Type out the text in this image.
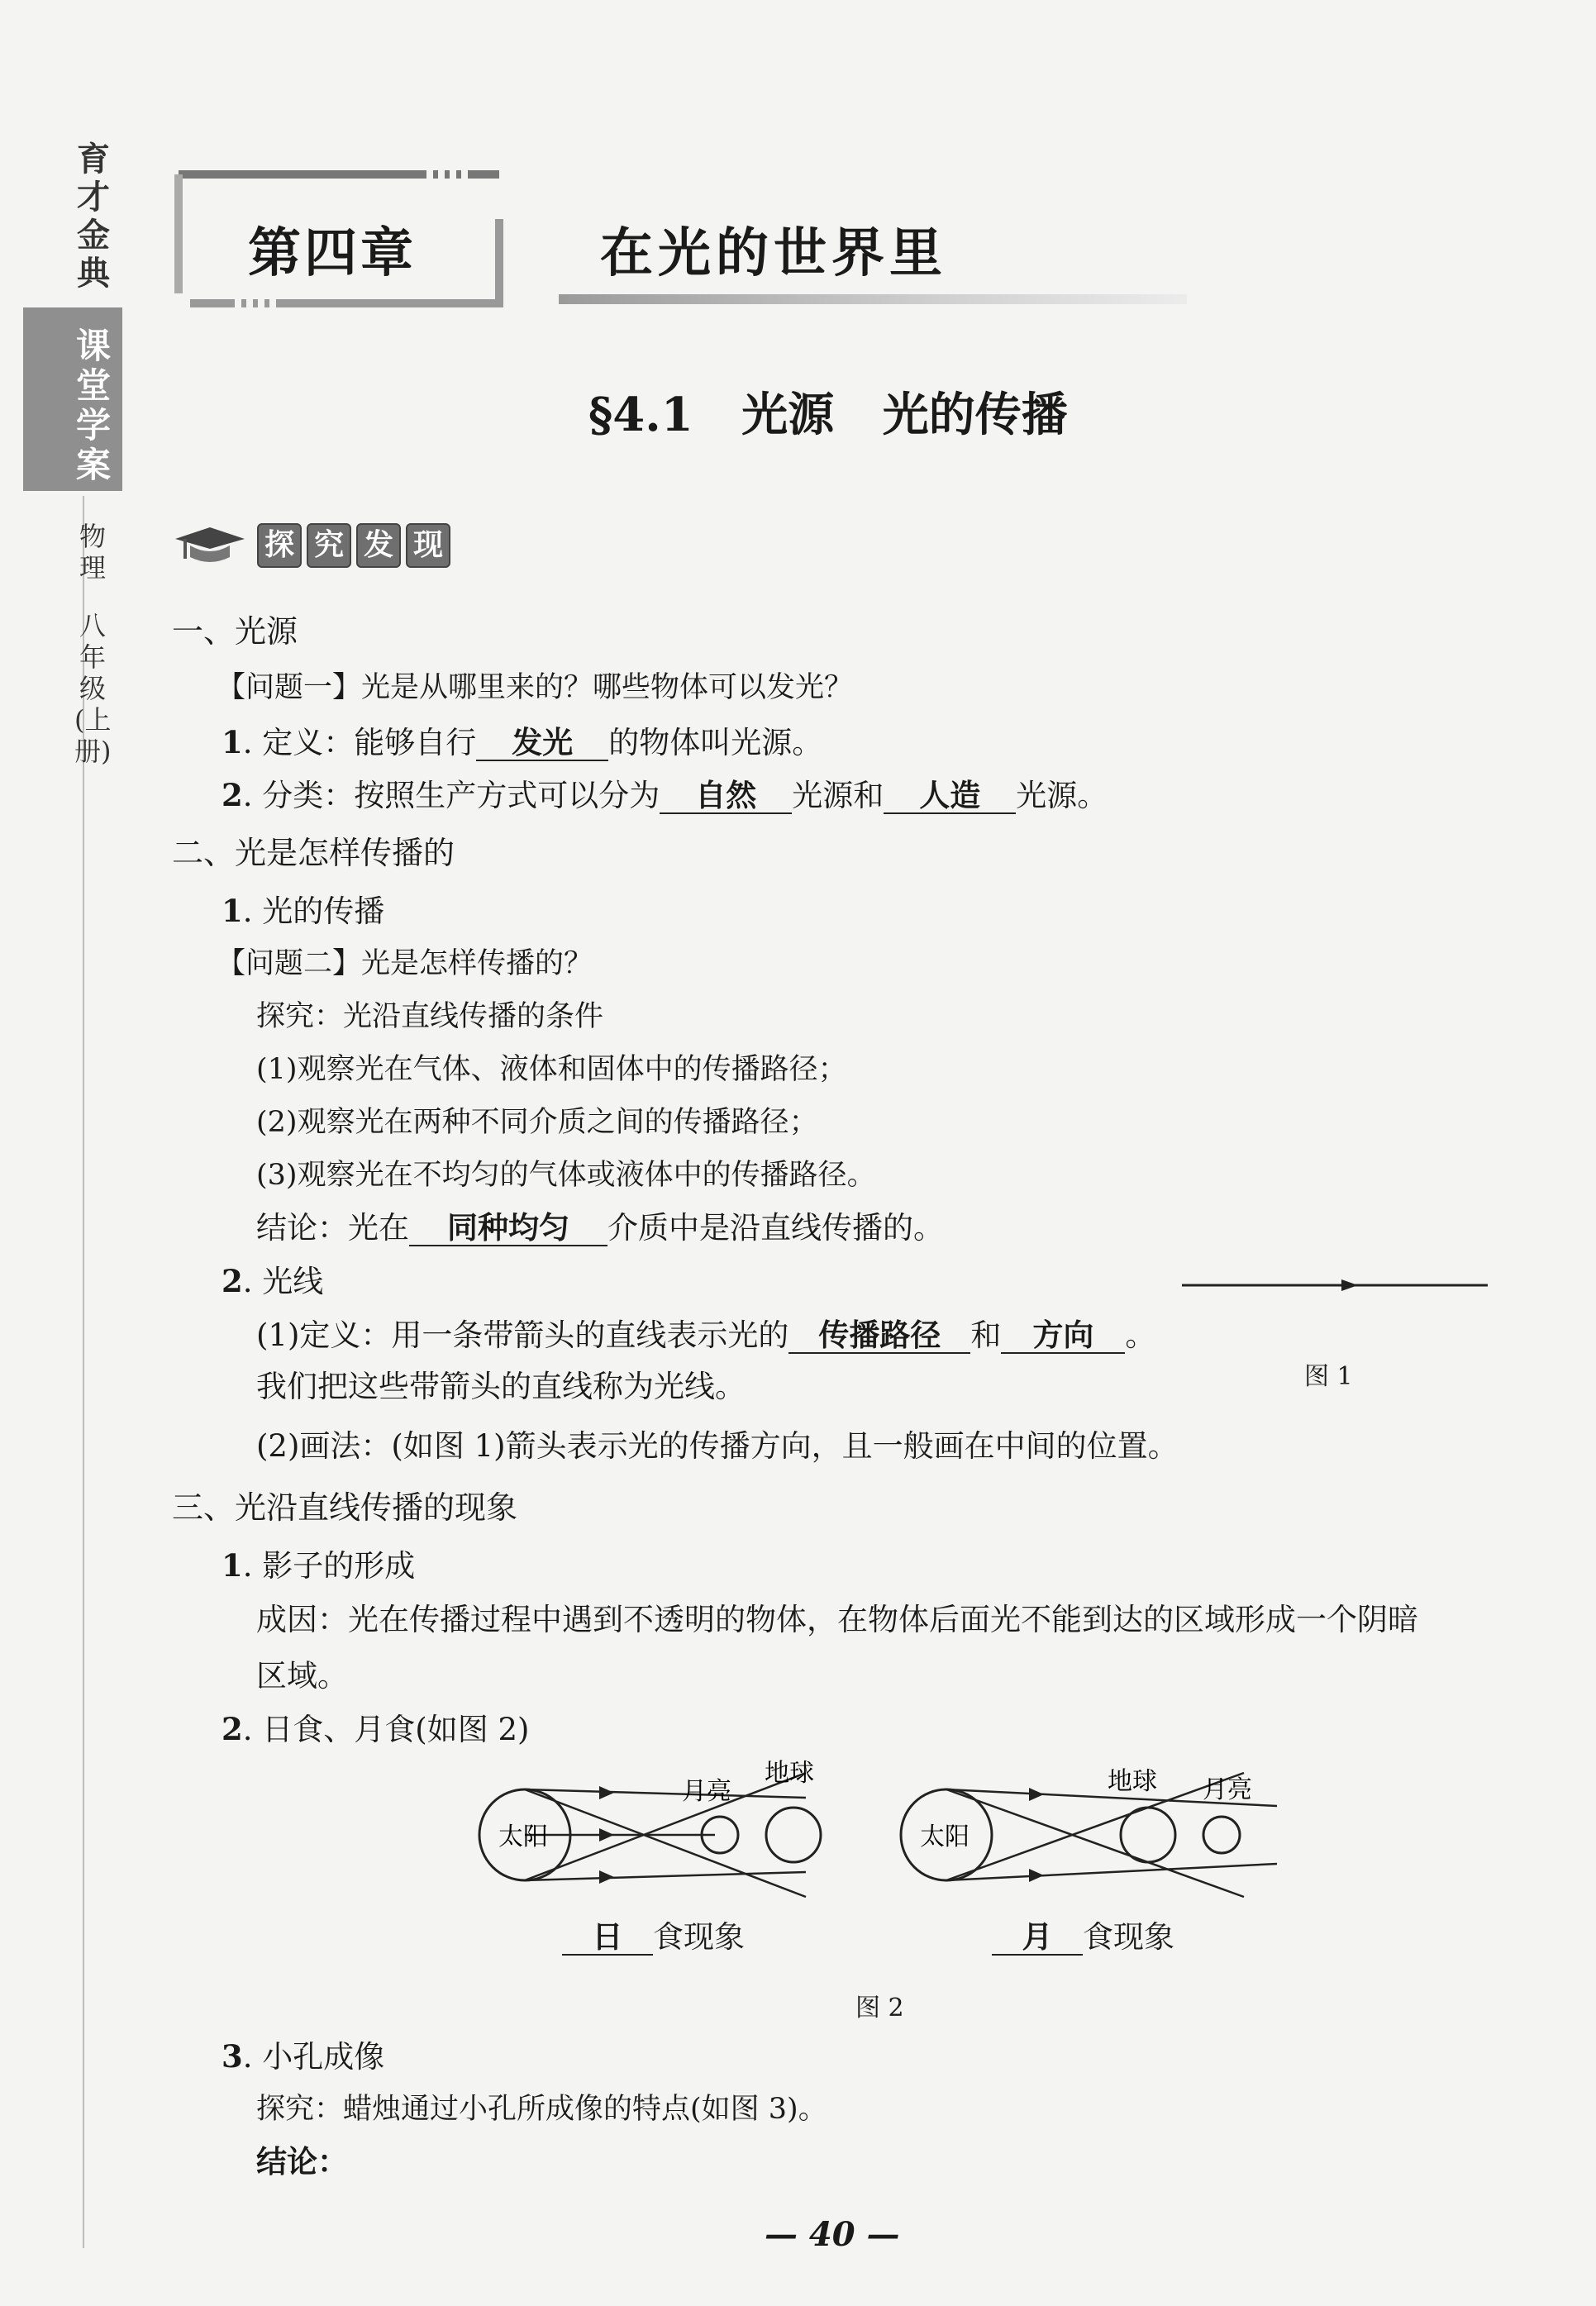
育才金典
课堂学案
物理
八年级(上册)
第四章	在光的世界里
§4.1   光源   光的传播
探 究 发 现
一、光源
【问题一】光是从哪里来的？哪些物体可以发光？
1. 定义：能够自行 发光 的物体叫光源。
2. 分类：按照生产方式可以分为 自然 光源和 人造 光源。
二、光是怎样传播的
1. 光的传播
【问题二】光是怎样传播的？
探究：光沿直线传播的条件
(1)观察光在气体、液体和固体中的传播路径；
(2)观察光在两种不同介质之间的传播路径；
(3)观察光在不均匀的气体或液体中的传播路径。
结论：光在 同种均匀 介质中是沿直线传播的。
2. 光线
(1)定义：用一条带箭头的直线表示光的 传播路径 和 方向 。
我们把这些带箭头的直线称为光线。
(2)画法：(如图 1)箭头表示光的传播方向，且一般画在中间的位置。
图 1
三、光沿直线传播的现象
1. 影子的形成
成因：光在传播过程中遇到不透明的物体，在物体后面光不能到达的区域形成一个阴暗
区域。
2. 日食、月食(如图 2)
太阳
月亮
地球
太阳
地球 月亮
日 食现象	月 食现象
图 2
3. 小孔成像
探究：蜡烛通过小孔所成像的特点(如图 3)。
结论：
— 40 —
